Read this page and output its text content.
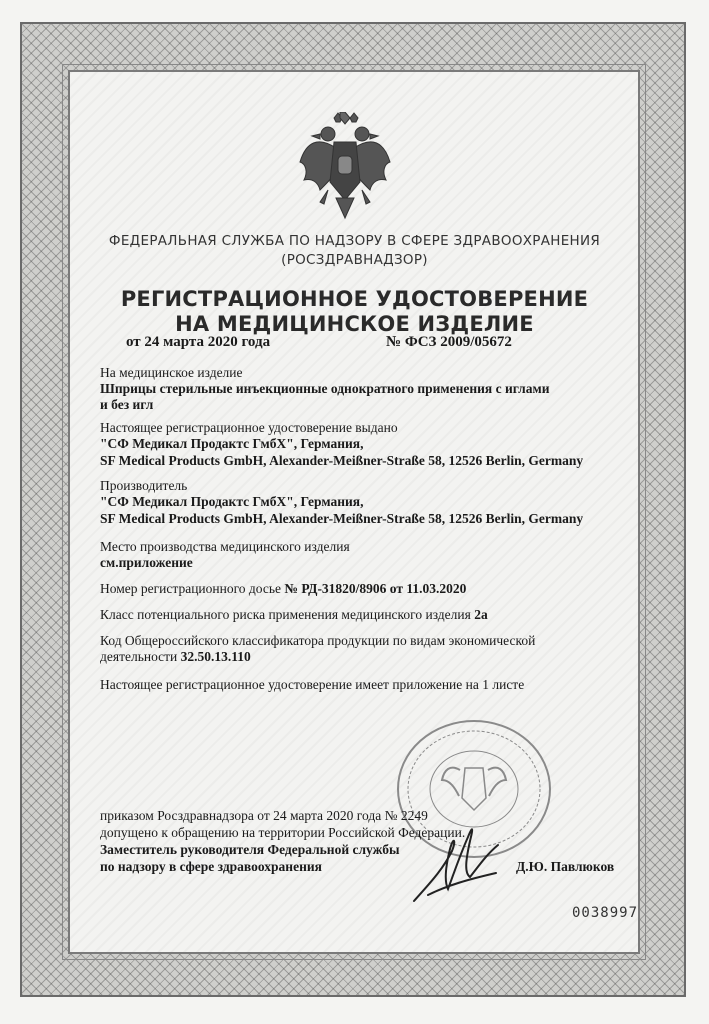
ФЕДЕРАЛЬНАЯ СЛУЖБА ПО НАДЗОРУ В СФЕРЕ ЗДРАВООХРАНЕНИЯ
(РОСЗДРАВНАДЗОР)
РЕГИСТРАЦИОННОЕ УДОСТОВЕРЕНИЕ
НА МЕДИЦИНСКОЕ ИЗДЕЛИЕ
от 24 марта 2020 года	№ ФСЗ 2009/05672
На медицинское изделие
Шприцы стерильные инъекционные однократного применения с иглами
и без игл
Настоящее регистрационное удостоверение выдано
"СФ Медикал Продактс ГмбХ", Германия,
SF Medical Products GmbH, Alexander-Meißner-Straße 58, 12526 Berlin, Germany
Производитель
"СФ Медикал Продактс ГмбХ", Германия,
SF Medical Products GmbH, Alexander-Meißner-Straße 58, 12526 Berlin, Germany
Место производства медицинского изделия
см.приложение
Номер регистрационного досье № РД-31820/8906 от 11.03.2020
Класс потенциального риска применения медицинского изделия 2а
Код Общероссийского классификатора продукции по видам экономической
деятельности 32.50.13.110
Настоящее регистрационное удостоверение имеет приложение на 1 листе
приказом Росздравнадзора от 24 марта 2020 года № 2249
допущено к обращению на территории Российской Федерации.
Заместитель руководителя Федеральной службы
по надзору в сфере здравоохранения	Д.Ю. Павлюков
0038997
